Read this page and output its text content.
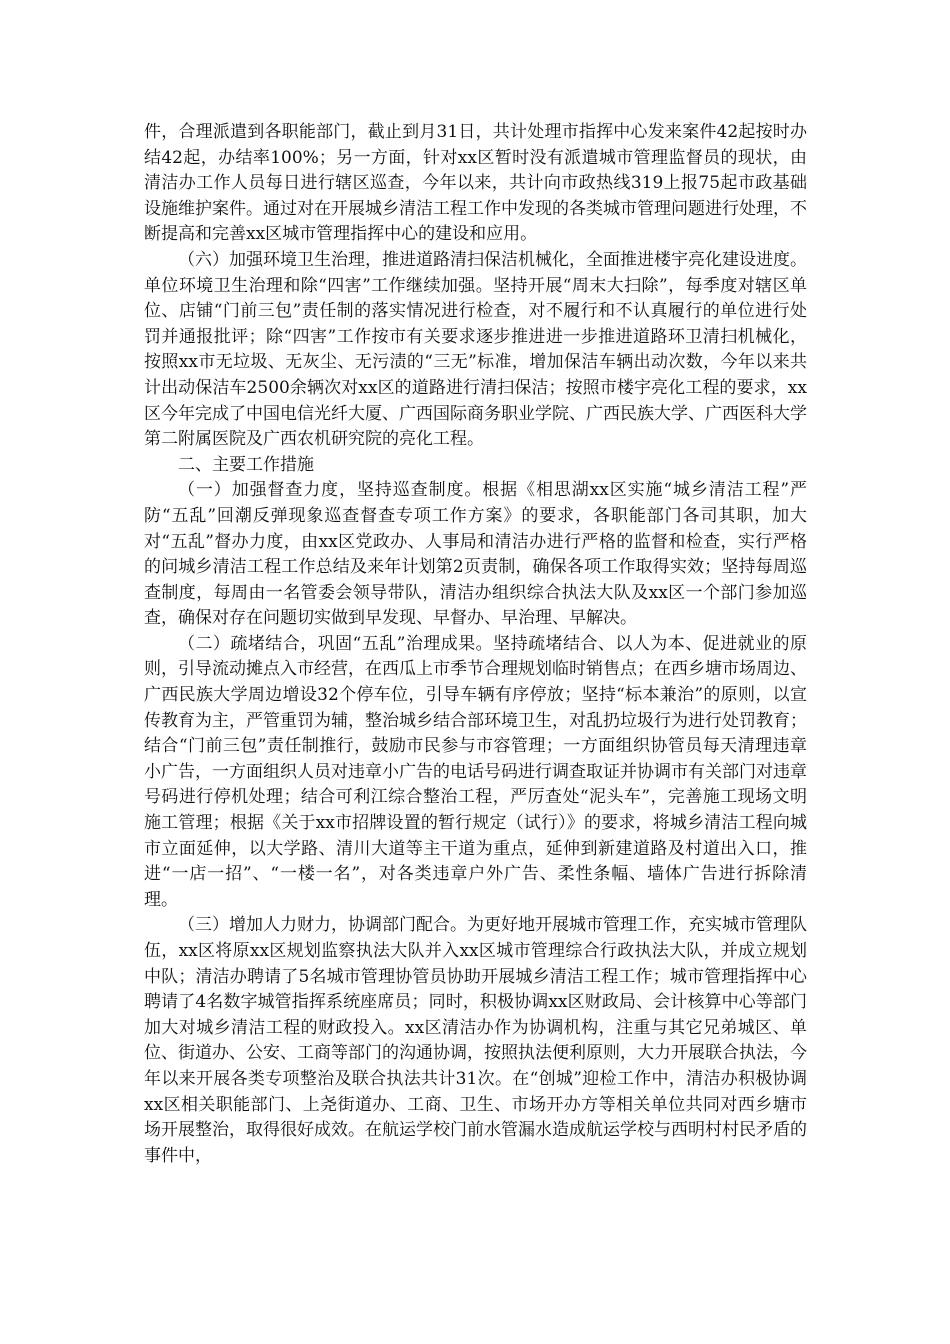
件，合理派遣到各职能部门，截止到月31日，共计处理市指挥中心发来案件42起按时办结42起，办结率100%；另一方面，针对xx区暂时没有派遣城市管理监督员的现状，由清洁办工作人员每日进行辖区巡查，今年以来，共计向市政热线319上报75起市政基础设施维护案件。通过对在开展城乡清洁工程工作中发现的各类城市管理问题进行处理，不断提高和完善xx区城市管理指挥中心的建设和应用。

（六）加强环境卫生治理，推进道路清扫保洁机械化，全面推进楼宇亮化建设进度。单位环境卫生治理和除“四害”工作继续加强。坚持开展“周末大扫除”，每季度对辖区单位、店铺“门前三包”责任制的落实情况进行检查，对不履行和不认真履行的单位进行处罚并通报批评；除“四害”工作按市有关要求逐步推进进一步推进道路环卫清扫机械化，按照xx市无垃圾、无灰尘、无污渍的“三无”标准，增加保洁车辆出动次数，今年以来共计出动保洁车2500余辆次对xx区的道路进行清扫保洁；按照市楼宇亮化工程的要求，xx区今年完成了中国电信光纤大厦、广西国际商务职业学院、广西民族大学、广西医科大学第二附属医院及广西农机研究院的亮化工程。

二、主要工作措施

（一）加强督查力度，坚持巡查制度。根据《相思湖xx区实施“城乡清洁工程”严防“五乱”回潮反弹现象巡查督查专项工作方案》的要求，各职能部门各司其职，加大对“五乱”督办力度，由xx区党政办、人事局和清洁办进行严格的监督和检查，实行严格的问城乡清洁工程工作总结及来年计划第2页责制，确保各项工作取得实效；坚持每周巡查制度，每周由一名管委会领导带队，清洁办组织综合执法大队及xx区一个部门参加巡查，确保对存在问题切实做到早发现、早督办、早治理、早解决。

（二）疏堵结合，巩固“五乱”治理成果。坚持疏堵结合、以人为本、促进就业的原则，引导流动摊点入市经营，在西瓜上市季节合理规划临时销售点；在西乡塘市场周边、广西民族大学周边增设32个停车位，引导车辆有序停放；坚持“标本兼治”的原则，以宣传教育为主，严管重罚为辅，整治城乡结合部环境卫生，对乱扔垃圾行为进行处罚教育；结合“门前三包”责任制推行，鼓励市民参与市容管理；一方面组织协管员每天清理违章小广告，一方面组织人员对违章小广告的电话号码进行调查取证并协调市有关部门对违章号码进行停机处理；结合可利江综合整治工程，严厉查处“泥头车”，完善施工现场文明施工管理；根据《关于xx市招牌设置的暂行规定（试行）》的要求，将城乡清洁工程向城市立面延伸，以大学路、清川大道等主干道为重点，延伸到新建道路及村道出入口，推进“一店一招”、“一楼一名”，对各类违章户外广告、柔性条幅、墙体广告进行拆除清理。

（三）增加人力财力，协调部门配合。为更好地开展城市管理工作，充实城市管理队伍，xx区将原xx区规划监察执法大队并入xx区城市管理综合行政执法大队，并成立规划中队；清洁办聘请了5名城市管理协管员协助开展城乡清洁工程工作；城市管理指挥中心聘请了4名数字城管指挥系统座席员；同时，积极协调xx区财政局、会计核算中心等部门加大对城乡清洁工程的财政投入。xx区清洁办作为协调机构，注重与其它兄弟城区、单位、街道办、公安、工商等部门的沟通协调，按照执法便利原则，大力开展联合执法，今年以来开展各类专项整治及联合执法共计31次。在“创城”迎检工作中，清洁办积极协调xx区相关职能部门、上尧街道办、工商、卫生、市场开办方等相关单位共同对西乡塘市场开展整治，取得很好成效。在航运学校门前水管漏水造成航运学校与西明村村民矛盾的事件中，
